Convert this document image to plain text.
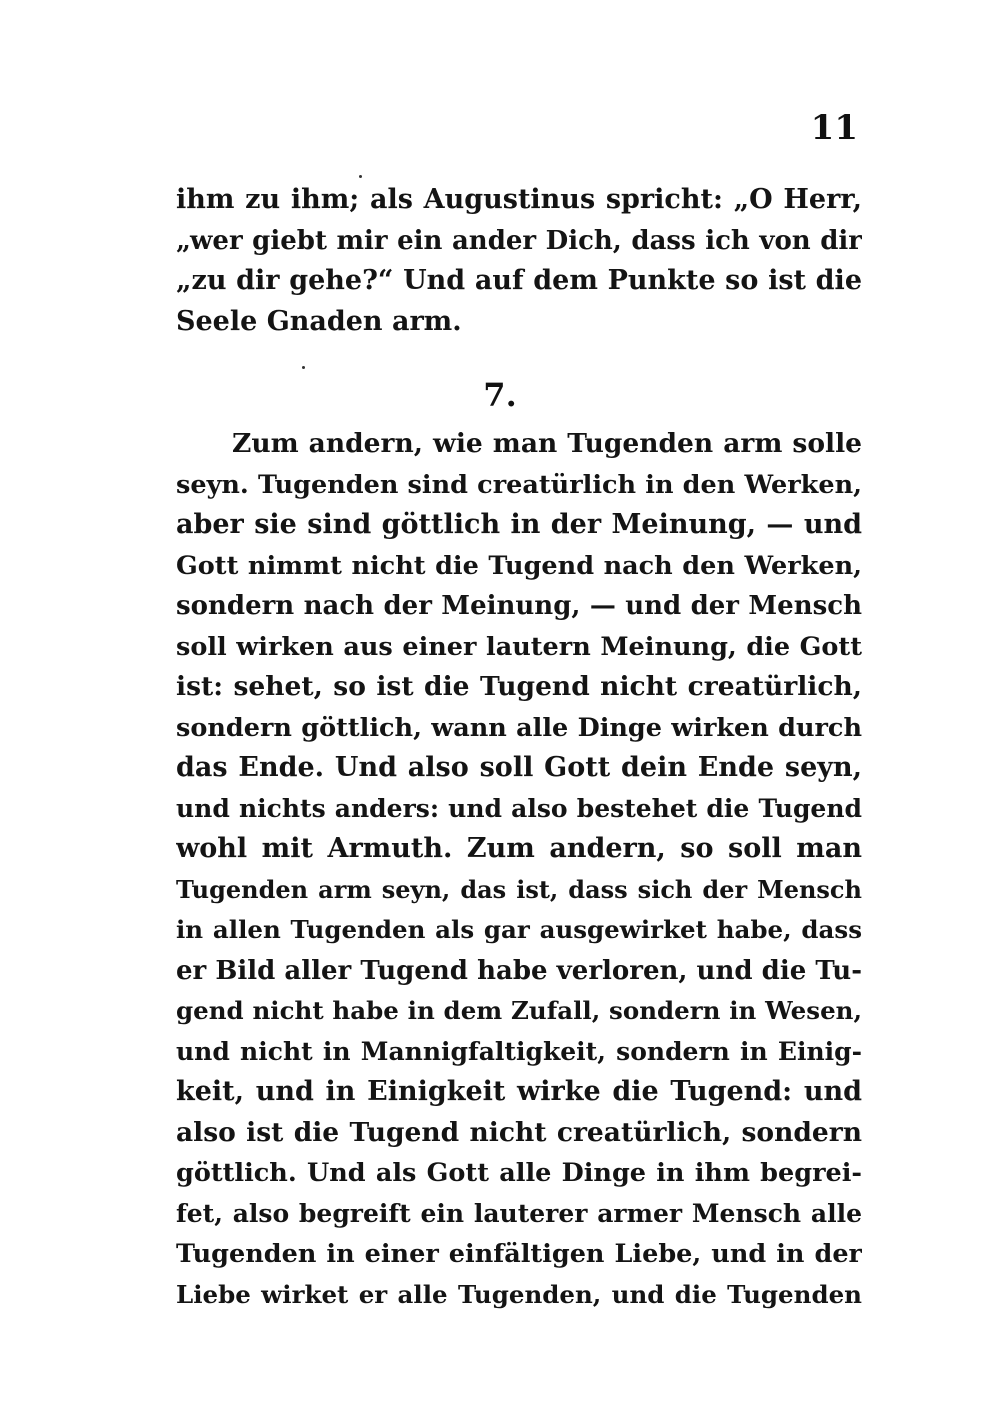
11
ihm zu ihm; als Augustinus spricht: „O Herr,
„wer giebt mir ein ander Dich, dass ich von dir
„zu dir gehe?“ Und auf dem Punkte so ist die
Seele Gnaden arm.
7.
Zum andern, wie man Tugenden arm solle
seyn. Tugenden sind creatürlich in den Werken,
aber sie sind göttlich in der Meinung, — und
Gott nimmt nicht die Tugend nach den Werken,
sondern nach der Meinung, — und der Mensch
soll wirken aus einer lautern Meinung, die Gott
ist: sehet, so ist die Tugend nicht creatürlich,
sondern göttlich, wann alle Dinge wirken durch
das Ende. Und also soll Gott dein Ende seyn,
und nichts anders: und also bestehet die Tugend
wohl mit Armuth. Zum andern, so soll man
Tugenden arm seyn, das ist, dass sich der Mensch
in allen Tugenden als gar ausgewirket habe, dass
er Bild aller Tugend habe verloren, und die Tu-
gend nicht habe in dem Zufall, sondern in Wesen,
und nicht in Mannigfaltigkeit, sondern in Einig-
keit, und in Einigkeit wirke die Tugend: und
also ist die Tugend nicht creatürlich, sondern
göttlich. Und als Gott alle Dinge in ihm begrei-
fet, also begreift ein lauterer armer Mensch alle
Tugenden in einer einfältigen Liebe, und in der
Liebe wirket er alle Tugenden, und die Tugenden
